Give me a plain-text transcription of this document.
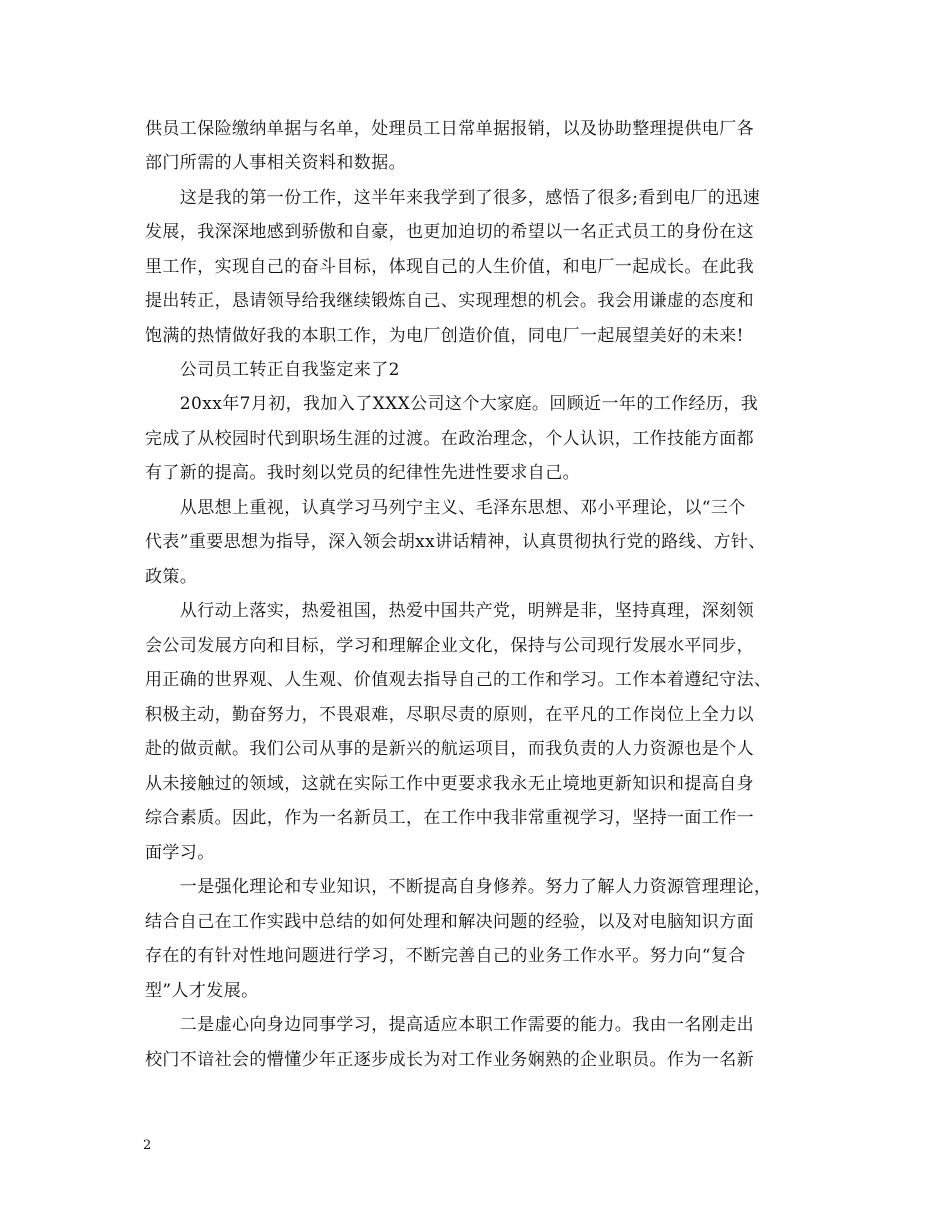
供员工保险缴纳单据与名单，处理员工日常单据报销，以及协助整理提供电厂各
部门所需的人事相关资料和数据。
　　这是我的第一份工作，这半年来我学到了很多，感悟了很多;看到电厂的迅速
发展，我深深地感到骄傲和自豪，也更加迫切的希望以一名正式员工的身份在这
里工作，实现自己的奋斗目标，体现自己的人生价值，和电厂一起成长。在此我
提出转正，恳请领导给我继续锻炼自己、实现理想的机会。我会用谦虚的态度和
饱满的热情做好我的本职工作，为电厂创造价值，同电厂一起展望美好的未来!
　　公司员工转正自我鉴定来了2
　　20xx年7月初，我加入了XXX公司这个大家庭。回顾近一年的工作经历，我
完成了从校园时代到职场生涯的过渡。在政治理念，个人认识，工作技能方面都
有了新的提高。我时刻以党员的纪律性先进性要求自己。
　　从思想上重视，认真学习马列宁主义、毛泽东思想、邓小平理论，以“三个
代表”重要思想为指导，深入领会胡xx讲话精神，认真贯彻执行党的路线、方针、
政策。
　　从行动上落实，热爱祖国，热爱中国共产党，明辨是非，坚持真理，深刻领
会公司发展方向和目标，学习和理解企业文化，保持与公司现行发展水平同步，
用正确的世界观、人生观、价值观去指导自己的工作和学习。工作本着遵纪守法、
积极主动，勤奋努力，不畏艰难，尽职尽责的原则，在平凡的工作岗位上全力以
赴的做贡献。我们公司从事的是新兴的航运项目，而我负责的人力资源也是个人
从未接触过的领域，这就在实际工作中更要求我永无止境地更新知识和提高自身
综合素质。因此，作为一名新员工，在工作中我非常重视学习，坚持一面工作一
面学习。
　　一是强化理论和专业知识，不断提高自身修养。努力了解人力资源管理理论，
结合自己在工作实践中总结的如何处理和解决问题的经验，以及对电脑知识方面
存在的有针对性地问题进行学习，不断完善自己的业务工作水平。努力向“复合
型”人才发展。
　　二是虚心向身边同事学习，提高适应本职工作需要的能力。我由一名刚走出
校门不谙社会的懵懂少年正逐步成长为对工作业务娴熟的企业职员。作为一名新
2
